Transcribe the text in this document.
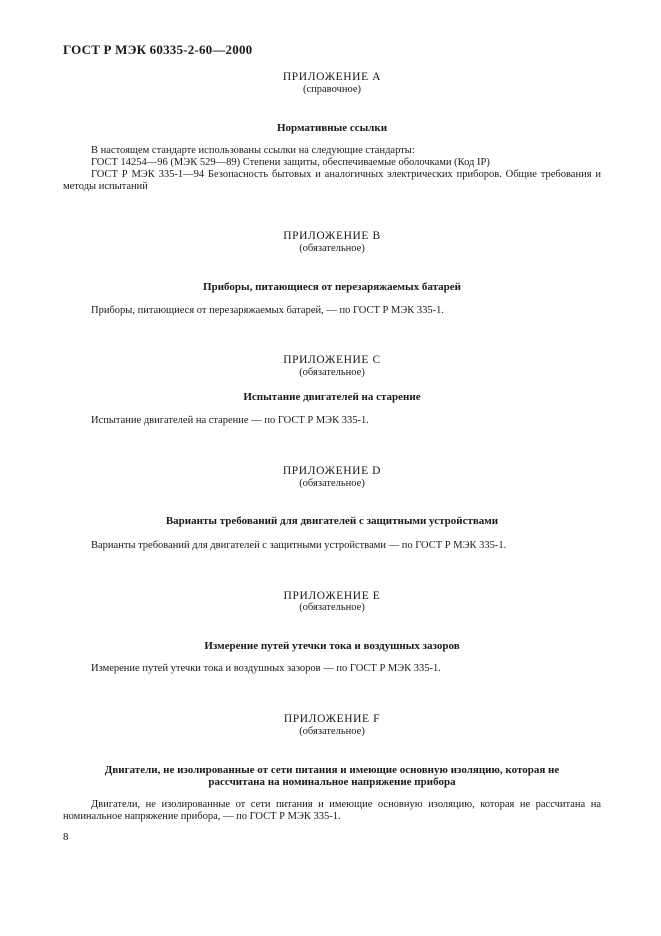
ГОСТ Р МЭК 60335-2-60—2000
ПРИЛОЖЕНИЕ А
(справочное)
Нормативные ссылки
В настоящем стандарте использованы ссылки на следующие стандарты:
ГОСТ 14254—96 (МЭК 529—89) Степени защиты, обеспечиваемые оболочками (Код IP)
ГОСТ Р МЭК 335-1—94 Безопасность бытовых и аналогичных электрических приборов. Общие требования и методы испытаний
ПРИЛОЖЕНИЕ В
(обязательное)
Приборы, питающиеся от перезаряжаемых батарей
Приборы, питающиеся от перезаряжаемых батарей, — по ГОСТ Р МЭК 335-1.
ПРИЛОЖЕНИЕ С
(обязательное)
Испытание двигателей на старение
Испытание двигателей на старение — по ГОСТ Р МЭК 335-1.
ПРИЛОЖЕНИЕ D
(обязательное)
Варианты требований для двигателей с защитными устройствами
Варианты требований для двигателей с защитными устройствами — по ГОСТ Р МЭК 335-1.
ПРИЛОЖЕНИЕ Е
(обязательное)
Измерение путей утечки тока и воздушных зазоров
Измерение путей утечки тока и воздушных зазоров — по ГОСТ Р МЭК 335-1.
ПРИЛОЖЕНИЕ F
(обязательное)
Двигатели, не изолированные от сети питания и имеющие основную изоляцию, которая не рассчитана на номинальное напряжение прибора
Двигатели, не изолированные от сети питания и имеющие основную изоляцию, которая не рассчитана на номинальное напряжение прибора, — по ГОСТ Р МЭК 335-1.
8
